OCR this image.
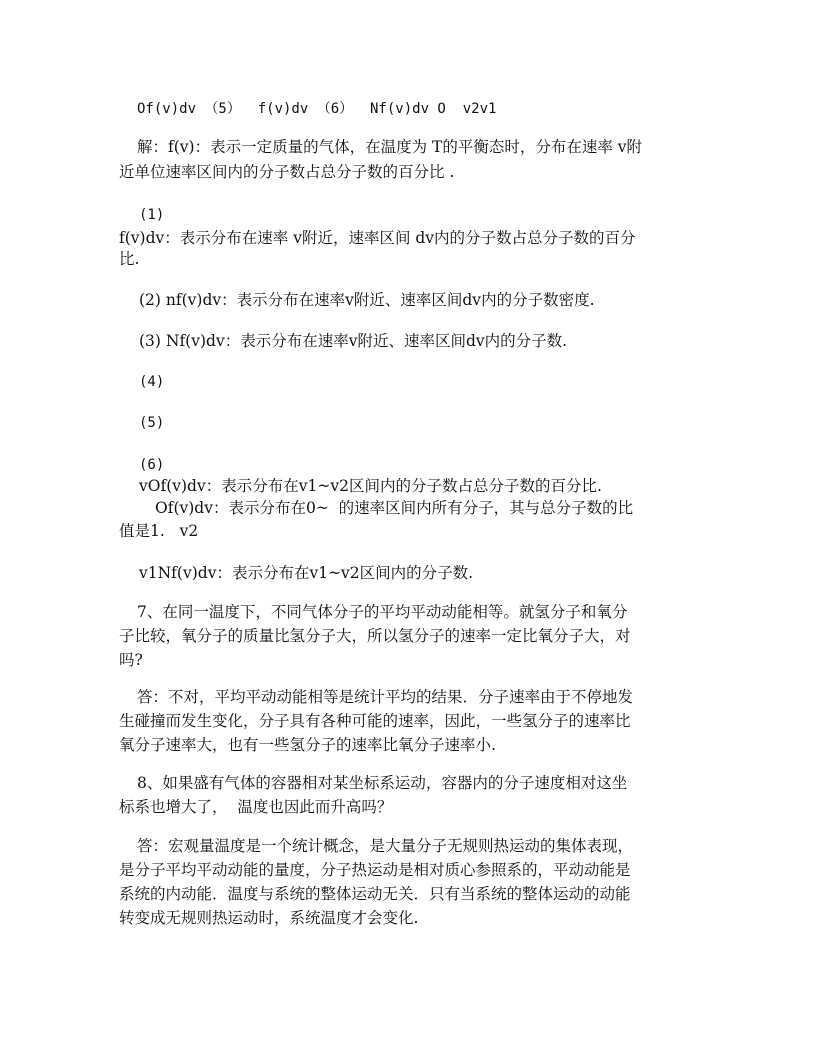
Of(v)dv （5）  f(v)dv （6）  Nf(v)dv O  v2v1
解：f(v)：表示一定质量的气体，在温度为 T的平衡态时，分布在速率 v附
近单位速率区间内的分子数占总分子数的百分比 .
(1)
f(v)dv：表示分布在速率 v附近，速率区间 dv内的分子数占总分子数的百分
比.
(2) nf(v)dv：表示分布在速率v附近、速率区间dv内的分子数密度.
(3) Nf(v)dv：表示分布在速率v附近、速率区间dv内的分子数.
(4)
(5)
(6)
vOf(v)dv：表示分布在v1~v2区间内的分子数占总分子数的百分比.
Of(v)dv：表示分布在0~  的速率区间内所有分子，其与总分子数的比
值是1.   v2
v1Nf(v)dv：表示分布在v1~v2区间内的分子数.
7、在同一温度下，不同气体分子的平均平动动能相等。就氢分子和氧分
子比较，氧分子的质量比氢分子大，所以氢分子的速率一定比氧分子大，对
吗?
答：不对，平均平动动能相等是统计平均的结果．分子速率由于不停地发
生碰撞而发生变化，分子具有各种可能的速率，因此，一些氢分子的速率比
氧分子速率大，也有一些氢分子的速率比氧分子速率小.
8、如果盛有气体的容器相对某坐标系运动，容器内的分子速度相对这坐
标系也增大了，  温度也因此而升高吗？
答：宏观量温度是一个统计概念，是大量分子无规则热运动的集体表现，
是分子平均平动动能的量度，分子热运动是相对质心参照系的，平动动能是
系统的内动能．温度与系统的整体运动无关．只有当系统的整体运动的动能
转变成无规则热运动时，系统温度才会变化.
